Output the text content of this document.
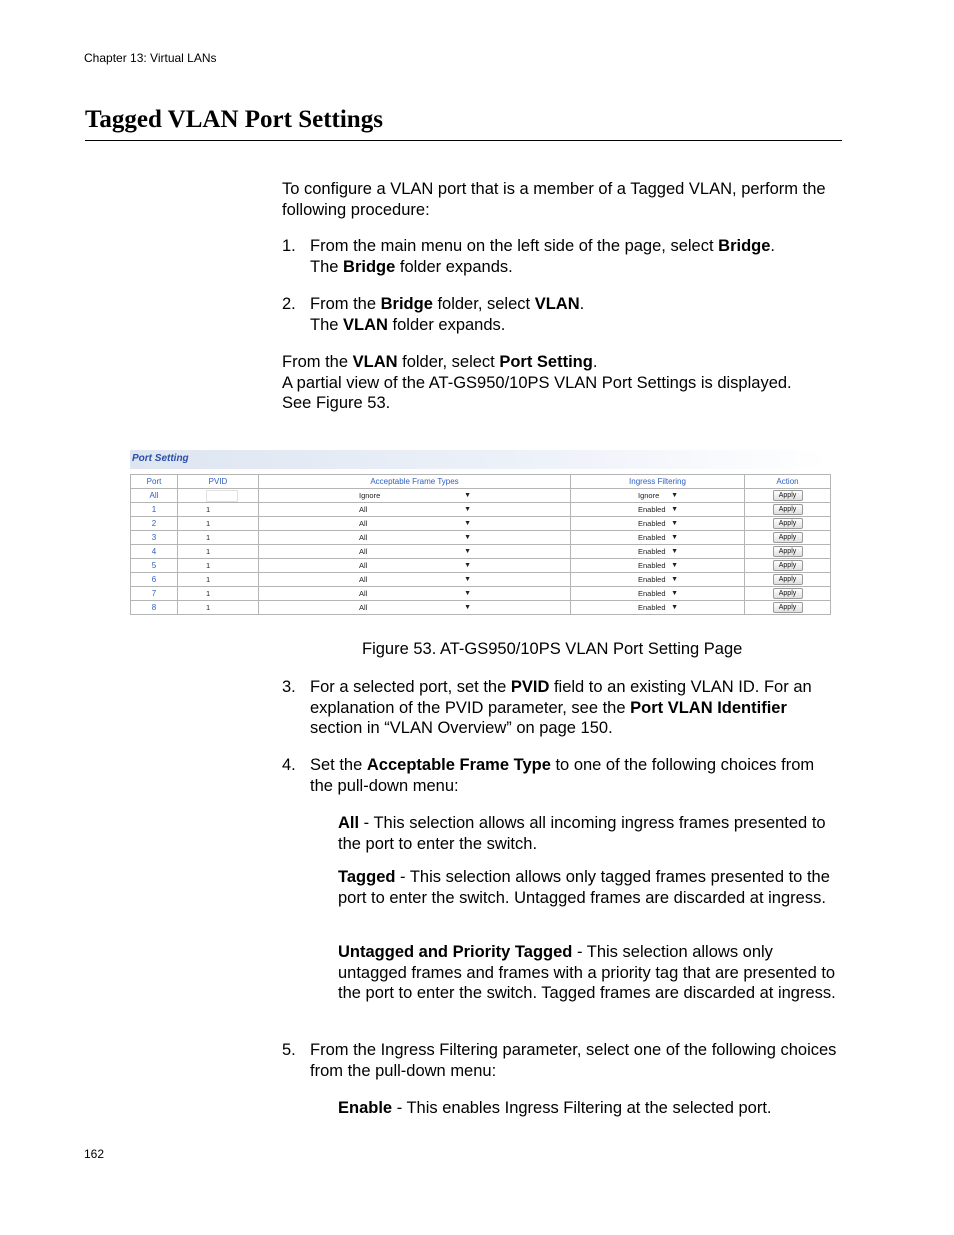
Chapter 13: Virtual LANs
Tagged VLAN Port Settings

To configure a VLAN port that is a member of a Tagged VLAN, perform the following procedure:

1. From the main menu on the left side of the page, select Bridge.
The Bridge folder expands.
2. From the Bridge folder, select VLAN.
The VLAN folder expands.

From the VLAN folder, select Port Setting.
A partial view of the AT-GS950/10PS VLAN Port Settings is displayed.
See Figure 53.

Port Setting
Port	PVID	Acceptable Frame Types	Ingress Filtering	Action
All		Ignore ▼	Ignore ▼	Apply
1	1	All ▼	Enabled ▼	Apply
2	1	All ▼	Enabled ▼	Apply
3	1	All ▼	Enabled ▼	Apply
4	1	All ▼	Enabled ▼	Apply
5	1	All ▼	Enabled ▼	Apply
6	1	All ▼	Enabled ▼	Apply
7	1	All ▼	Enabled ▼	Apply
8	1	All ▼	Enabled ▼	Apply
Figure 53. AT-GS950/10PS VLAN Port Setting Page
3. For a selected port, set the PVID field to an existing VLAN ID. For an explanation of the PVID parameter, see the Port VLAN Identifier section in “VLAN Overview” on page 150.
4. Set the Acceptable Frame Type to one of the following choices from the pull-down menu:

All - This selection allows all incoming ingress frames presented to the port to enter the switch.

Tagged - This selection allows only tagged frames presented to the port to enter the switch. Untagged frames are discarded at ingress.

Untagged and Priority Tagged - This selection allows only untagged frames and frames with a priority tag that are presented to the port to enter the switch. Tagged frames are discarded at ingress.

5. From the Ingress Filtering parameter, select one of the following choices from the pull-down menu:

Enable - This enables Ingress Filtering at the selected port.

162
